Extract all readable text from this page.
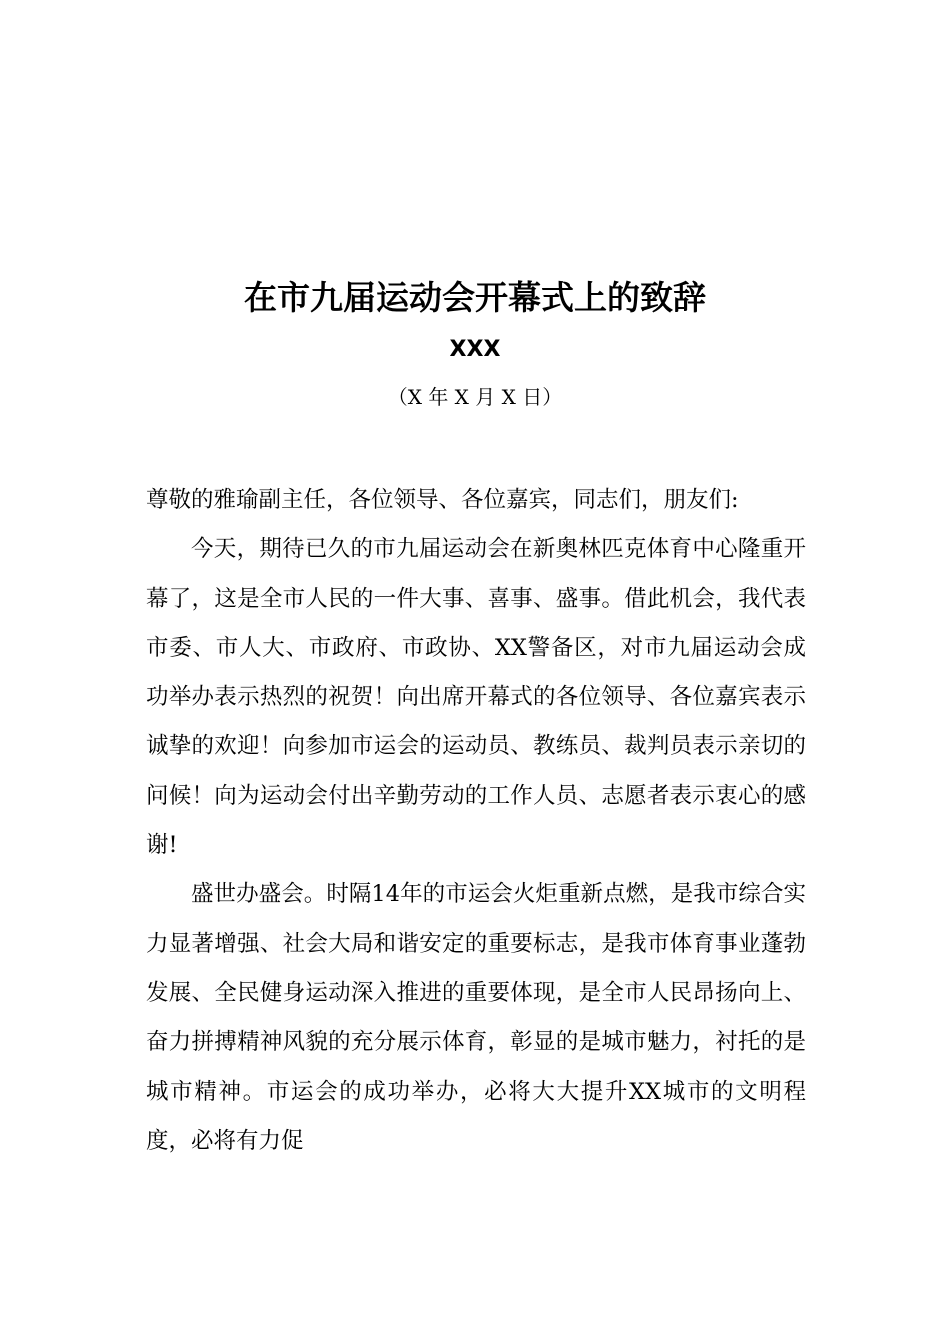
在市九届运动会开幕式上的致辞
XXX
（X 年 X 月 X 日）

尊敬的雅瑜副主任，各位领导、各位嘉宾，同志们，朋友们:

今天，期待已久的市九届运动会在新奥林匹克体育中心隆重开幕了，这是全市人民的一件大事、喜事、盛事。借此机会，我代表市委、市人大、市政府、市政协、XX警备区，对市九届运动会成功举办表示热烈的祝贺！向出席开幕式的各位领导、各位嘉宾表示诚挚的欢迎！向参加市运会的运动员、教练员、裁判员表示亲切的问候！向为运动会付出辛勤劳动的工作人员、志愿者表示衷心的感谢!

盛世办盛会。时隔14年的市运会火炬重新点燃，是我市综合实力显著增强、社会大局和谐安定的重要标志，是我市体育事业蓬勃发展、全民健身运动深入推进的重要体现，是全市人民昂扬向上、奋力拼搏精神风貌的充分展示体育，彰显的是城市魅力，衬托的是城市精神。市运会的成功举办，必将大大提升XX城市的文明程度，必将有力促
